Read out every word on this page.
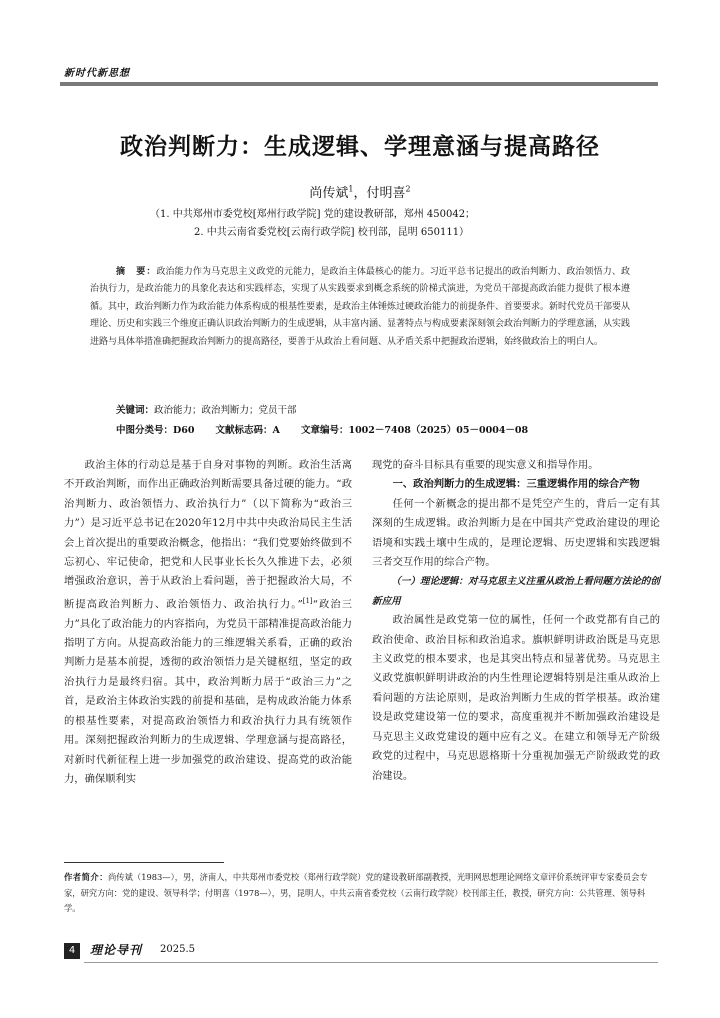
新时代新思想
政治判断力：生成逻辑、学理意涵与提高路径
尚传斌$^1$，付明喜$^2$
（1. 中共郑州市委党校[郑州行政学院] 党的建设教研部，郑州 450042；
2. 中共云南省委党校[云南行政学院] 校刊部，昆明 650111）
摘　要：政治能力作为马克思主义政党的元能力，是政治主体最核心的能力。习近平总书记提出的政治判断力、政治领悟力、政治执行力，是政治能力的具象化表达和实践样态，实现了从实践要求到概念系统的阶梯式演进，为党员干部提高政治能力提供了根本遵循。其中，政治判断力作为政治能力体系构成的根基性要素，是政治主体锤炼过硬政治能力的前提条件、首要要求。新时代党员干部要从理论、历史和实践三个维度正确认识政治判断力的生成逻辑，从丰富内涵、显著特点与构成要素深刻领会政治判断力的学理意涵，从实践进路与具体举措准确把握政治判断力的提高路径，要善于从政治上看问题、从矛盾关系中把握政治逻辑，始终做政治上的明白人。
关键词：政治能力；政治判断力；党员干部
中图分类号：D60 文献标志码：A 文章编号：1002－7408（2025）05－0004－08

政治主体的行动总是基于自身对事物的判断。政治生活离不开政治判断，而作出正确政治判断需要具备过硬的能力。“政治判断力、政治领悟力、政治执行力”（以下简称为“政治三力”）是习近平总书记在2020年12月中共中央政治局民主生活会上首次提出的重要政治概念，他指出：“我们党要始终做到不忘初心、牢记使命，把党和人民事业长长久久推进下去，必须增强政治意识，善于从政治上看问题，善于把握政治大局，不断提高政治判断力、政治领悟力、政治执行力。”[1]“政治三力”具化了政治能力的内容指向，为党员干部精准提高政治能力指明了方向。从提高政治能力的三维逻辑关系看，正确的政治判断力是基本前提，透彻的政治领悟力是关键枢纽，坚定的政治执行力是最终归宿。其中，政治判断力居于“政治三力”之首，是政治主体政治实践的前提和基础，是构成政治能力体系的根基性要素，对提高政治领悟力和政治执行力具有统领作用。深刻把握政治判断力的生成逻辑、学理意涵与提高路径，对新时代新征程上进一步加强党的政治建设、提高党的政治能力，确保顺利实

现党的奋斗目标具有重要的现实意义和指导作用。

一、政治判断力的生成逻辑：三重逻辑作用的综合产物

任何一个新概念的提出都不是凭空产生的，背后一定有其深刻的生成逻辑。政治判断力是在中国共产党政治建设的理论语境和实践土壤中生成的，是理论逻辑、历史逻辑和实践逻辑三者交互作用的综合产物。

（一）理论逻辑：对马克思主义注重从政治上看问题方法论的创新应用

政治属性是政党第一位的属性，任何一个政党都有自己的政治使命、政治目标和政治追求。旗帜鲜明讲政治既是马克思主义政党的根本要求，也是其突出特点和显著优势。马克思主义政党旗帜鲜明讲政治的内生性理论逻辑特别是注重从政治上看问题的方法论原则，是政治判断力生成的哲学根基。政治建设是政党建设第一位的要求，高度重视并不断加强政治建设是马克思主义政党建设的题中应有之义。在建立和领导无产阶级政党的过程中，马克思恩格斯十分重视加强无产阶级政党的政治建设。

作者简介：尚传斌（1983—），男，济南人，中共郑州市委党校（郑州行政学院）党的建设教研部副教授，光明网思想理论网络文章评价系统评审专家委员会专家，研究方向：党的建设、领导科学；付明喜（1978—），男，昆明人，中共云南省委党校（云南行政学院）校刊部主任，教授，研究方向：公共管理、领导科学。
4	理论导刊 2025.5
